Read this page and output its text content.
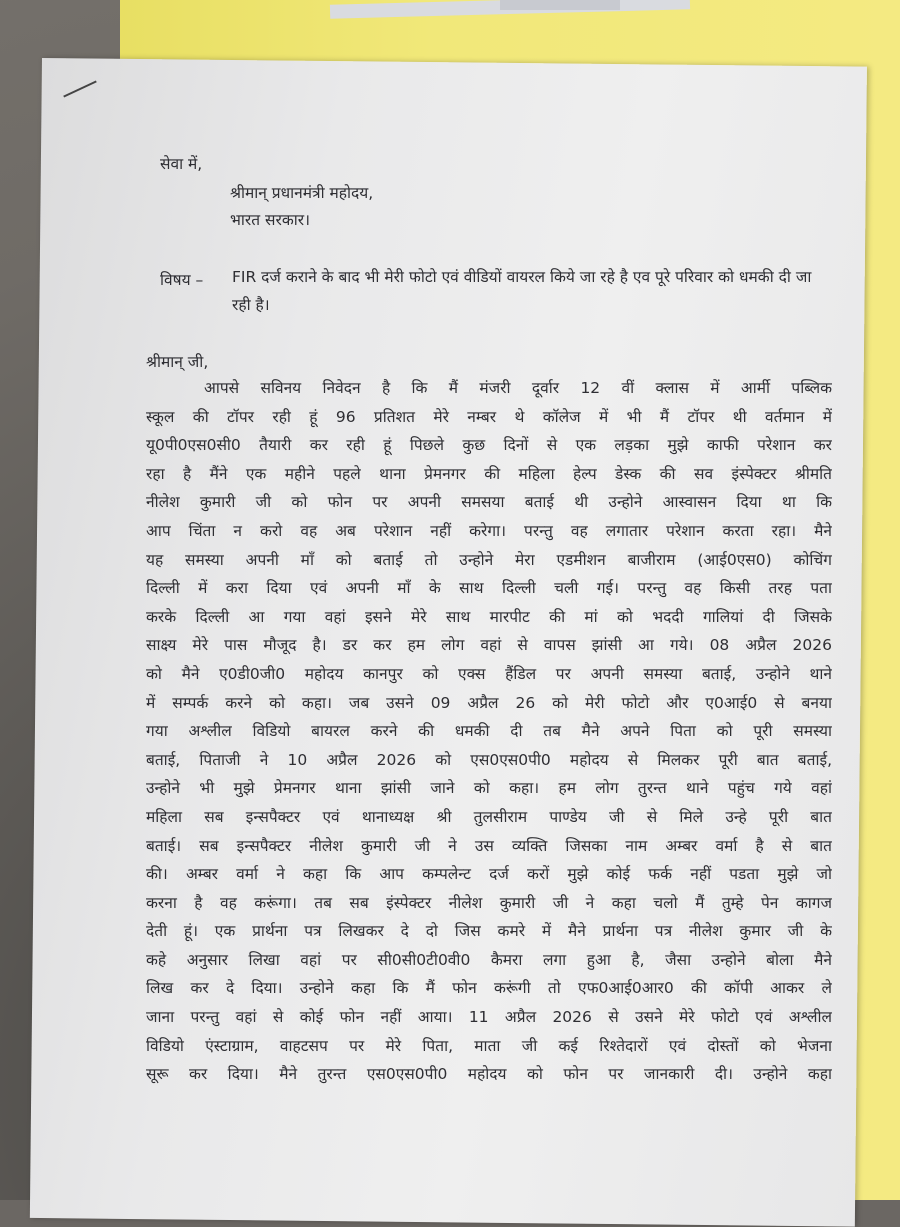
सेवा में,
श्रीमान् प्रधानमंत्री महोदय,
भारत सरकार।
विषय –	FIR दर्ज कराने के बाद भी मेरी फोटो एवं वीडियों वायरल किये जा रहे है एव पूरे परिवार को धमकी दी जा रही है।
श्रीमान् जी,
आपसे सविनय निवेदन है कि मैं मंजरी दूर्वार 12 वीं क्लास में आर्मी पब्लिक
स्कूल की टॉपर रही हूं 96 प्रतिशत मेरे नम्बर थे कॉलेज में भी मैं टॉपर थी वर्तमान में
यू0पी0एस0सी0 तैयारी कर रही हूं पिछले कुछ दिनों से एक लड़का मुझे काफी परेशान कर
रहा है मैंने एक महीने पहले थाना प्रेमनगर की महिला हेल्प डेस्क की सव इंस्पेक्टर श्रीमति
नीलेश कुमारी जी को फोन पर अपनी समसया बताई थी उन्होने आस्वासन दिया था कि
आप चिंता न करो वह अब परेशान नहीं करेगा। परन्तु वह लगातार परेशान करता रहा। मैने
यह समस्या अपनी माँ को बताई तो उन्होने मेरा एडमीशन बाजीराम (आई0एस0) कोचिंग
दिल्ली में करा दिया एवं अपनी माँ के साथ दिल्ली चली गई। परन्तु वह किसी तरह पता
करके दिल्ली आ गया वहां इसने मेरे साथ मारपीट की मां को भददी गालियां दी जिसके
साक्ष्य मेरे पास मौजूद है। डर कर हम लोग वहां से वापस झांसी आ गये। 08 अप्रैल 2026
को मैने ए0डी0जी0 महोदय कानपुर को एक्स हैंडिल पर अपनी समस्या बताई, उन्होने थाने
में सम्पर्क करने को कहा। जब उसने 09 अप्रैल 26 को मेरी फोटो और ए0आई0 से बनया
गया अश्लील विडियो बायरल करने की धमकी दी तब मैने अपने पिता को पूरी समस्या
बताई, पिताजी ने 10 अप्रैल 2026 को एस0एस0पी0 महोदय से मिलकर पूरी बात बताई,
उन्होने भी मुझे प्रेमनगर थाना झांसी जाने को कहा। हम लोग तुरन्त थाने पहुंच गये वहां
महिला सब इन्सपैक्टर एवं थानाध्यक्ष श्री तुलसीराम पाण्डेय जी से मिले उन्हे पूरी बात
बताई। सब इन्सपैक्टर नीलेश कुमारी जी ने उस व्यक्ति जिसका नाम अम्बर वर्मा है से बात
की। अम्बर वर्मा ने कहा कि आप कम्पलेन्ट दर्ज करों मुझे कोई फर्क नहीं पडता मुझे जो
करना है वह करूंगा। तब सब इंस्पेक्टर नीलेश कुमारी जी ने कहा चलो मैं तुम्हे पेन कागज
देती हूं। एक प्रार्थना पत्र लिखकर दे दो जिस कमरे में मैने प्रार्थना पत्र नीलेश कुमार जी के
कहे अनुसार लिखा वहां पर सी0सी0टी0वी0 कैमरा लगा हुआ है, जैसा उन्होने बोला मैने
लिख कर दे दिया। उन्होने कहा कि मैं फोन करूंगी तो एफ0आई0आर0 की कॉपी आकर ले
जाना परन्तु वहां से कोई फोन नहीं आया। 11 अप्रैल 2026 से उसने मेरे फोटो एवं अश्लील
विडियो एंस्टाग्राम, वाहटसप पर मेरे पिता, माता जी कई रिश्तेदारों एवं दोस्तों को भेजना
सूरू कर दिया। मैने तुरन्त एस0एस0पी0 महोदय को फोन पर जानकारी दी। उन्होने कहा
